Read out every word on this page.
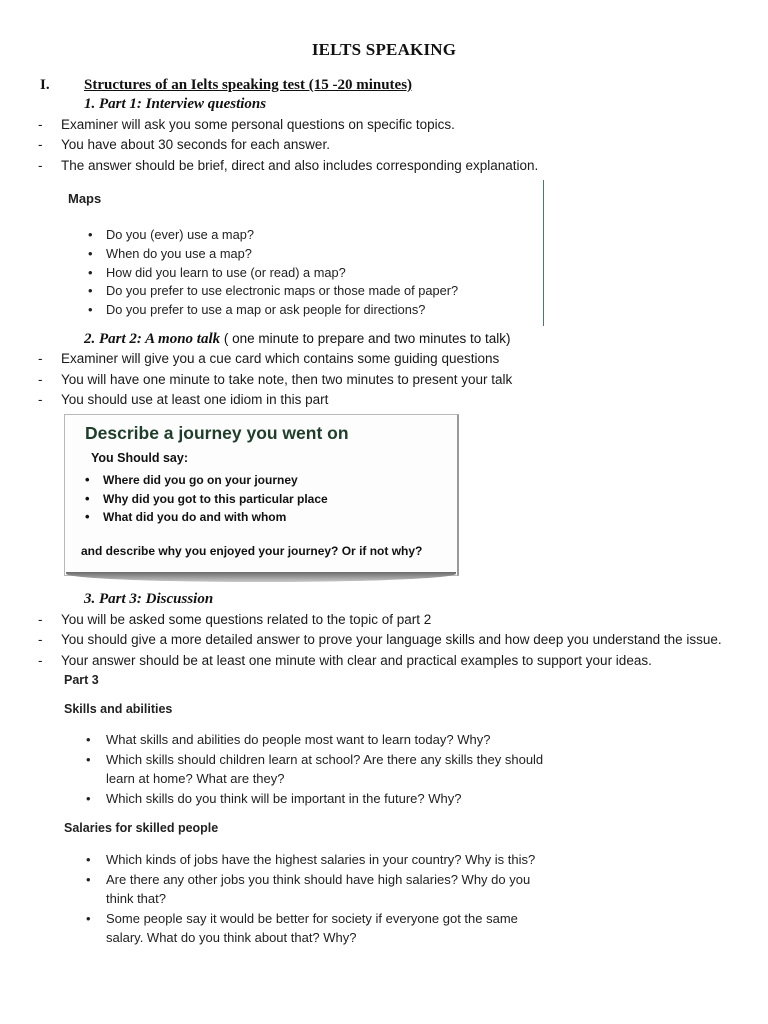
IELTS SPEAKING
I. Structures of an Ielts speaking test (15 -20 minutes)
1. Part 1: Interview questions
- Examiner will ask you some personal questions on specific topics.
- You have about 30 seconds for each answer.
- The answer should be brief, direct and also includes corresponding explanation.
Maps
• Do you (ever) use a map?
• When do you use a map?
• How did you learn to use (or read) a map?
• Do you prefer to use electronic maps or those made of paper?
• Do you prefer to use a map or ask people for directions?
2. Part 2: A mono talk ( one minute to prepare and two minutes to talk)
- Examiner will give you a cue card which contains some guiding questions
- You will have one minute to take note, then two minutes to present your talk
- You should use at least one idiom in this part
Describe a journey you went on
You Should say:
• Where did you go on your journey
• Why did you got to this particular place
• What did you do and with whom
and describe why you enjoyed your journey? Or if not why?
3. Part 3: Discussion
- You will be asked some questions related to the topic of part 2
- You should give a more detailed answer to prove your language skills and how deep you understand the issue.
- Your answer should be at least one minute with clear and practical examples to support your ideas.
Part 3
Skills and abilities
• What skills and abilities do people most want to learn today? Why?
• Which skills should children learn at school? Are there any skills they should
learn at home? What are they?
• Which skills do you think will be important in the future? Why?
Salaries for skilled people
• Which kinds of jobs have the highest salaries in your country? Why is this?
• Are there any other jobs you think should have high salaries? Why do you
think that?
• Some people say it would be better for society if everyone got the same
salary. What do you think about that? Why?
